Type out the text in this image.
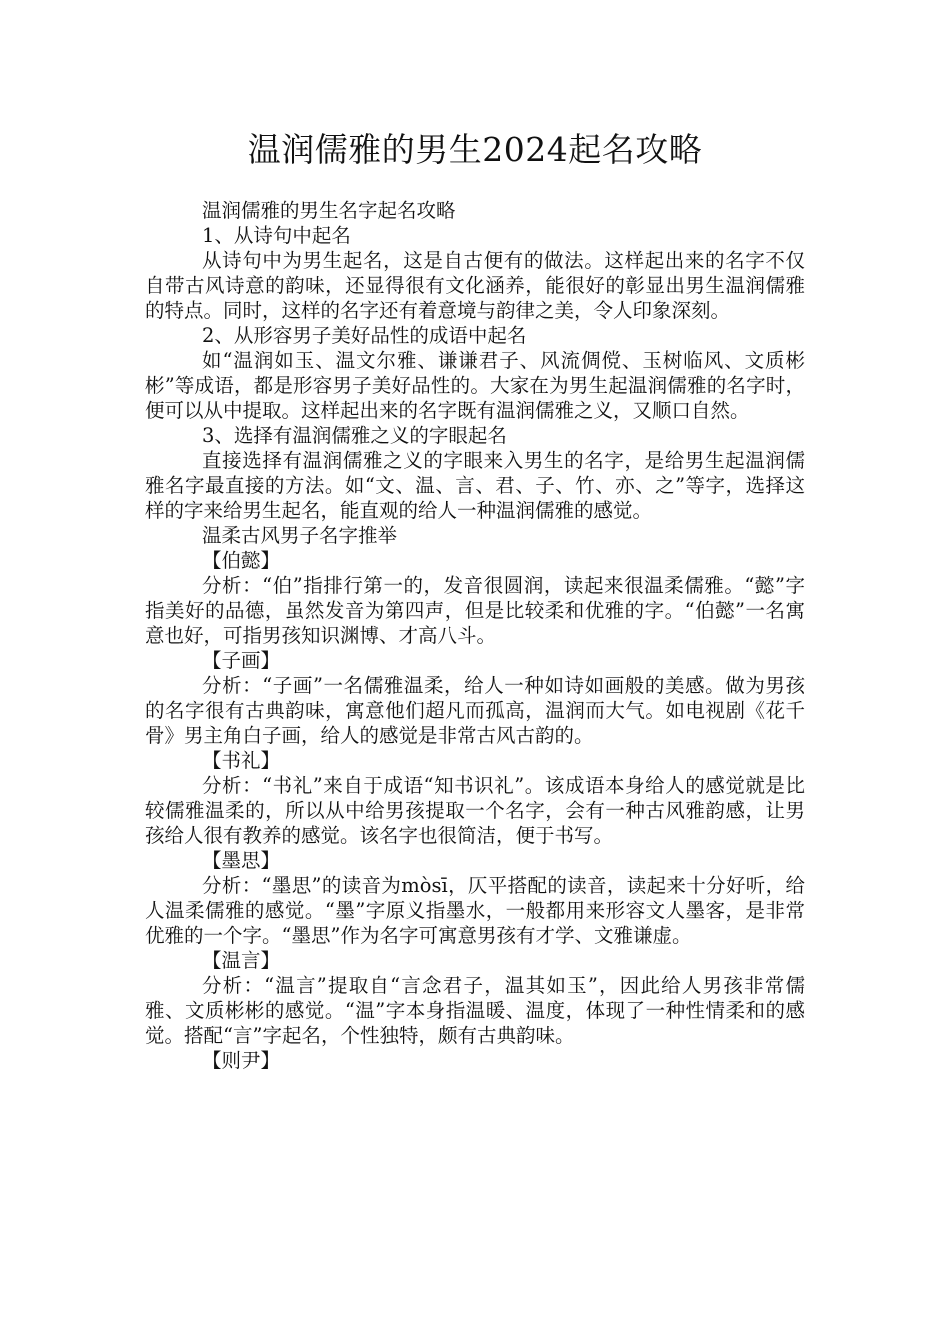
温润儒雅的男生2024起名攻略

温润儒雅的男生名字起名攻略

1、从诗句中起名

从诗句中为男生起名，这是自古便有的做法。这样起出来的名字不仅自带古风诗意的韵味，还显得很有文化涵养，能很好的彰显出男生温润儒雅的特点。同时，这样的名字还有着意境与韵律之美，令人印象深刻。

2、从形容男子美好品性的成语中起名

如“温润如玉、温文尔雅、谦谦君子、风流倜傥、玉树临风、文质彬彬”等成语，都是形容男子美好品性的。大家在为男生起温润儒雅的名字时，便可以从中提取。这样起出来的名字既有温润儒雅之义，又顺口自然。

3、选择有温润儒雅之义的字眼起名

直接选择有温润儒雅之义的字眼来入男生的名字，是给男生起温润儒雅名字最直接的方法。如“文、温、言、君、子、竹、亦、之”等字，选择这样的字来给男生起名，能直观的给人一种温润儒雅的感觉。

温柔古风男子名字推举

【伯懿】

分析：“伯”指排行第一的，发音很圆润，读起来很温柔儒雅。“懿”字指美好的品德，虽然发音为第四声，但是比较柔和优雅的字。“伯懿”一名寓意也好，可指男孩知识渊博、才高八斗。

【子画】

分析：“子画”一名儒雅温柔，给人一种如诗如画般的美感。做为男孩的名字很有古典韵味，寓意他们超凡而孤高，温润而大气。如电视剧《花千骨》男主角白子画，给人的感觉是非常古风古韵的。

【书礼】

分析：“书礼”来自于成语“知书识礼”。该成语本身给人的感觉就是比较儒雅温柔的，所以从中给男孩提取一个名字，会有一种古风雅韵感，让男孩给人很有教养的感觉。该名字也很简洁，便于书写。

【墨思】

分析：“墨思”的读音为mòsī，仄平搭配的读音，读起来十分好听，给人温柔儒雅的感觉。“墨”字原义指墨水，一般都用来形容文人墨客，是非常优雅的一个字。“墨思”作为名字可寓意男孩有才学、文雅谦虚。

【温言】

分析：“温言”提取自“言念君子，温其如玉”，因此给人男孩非常儒雅、文质彬彬的感觉。“温”字本身指温暖、温度，体现了一种性情柔和的感觉。搭配“言”字起名，个性独特，颇有古典韵味。

【则尹】
